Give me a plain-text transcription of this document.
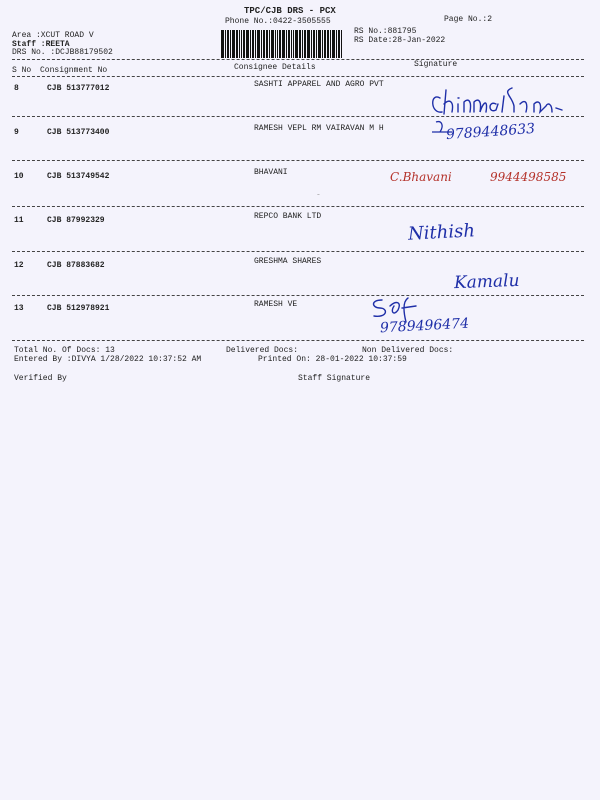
TPC/CJB DRS - PCX
Phone No.:0422-3505555	Page No.:2
RS No.:881795
RS Date:28-Jan-2022
Area :XCUT ROAD V
Staff :REETA
DRS No. :DCJB88179502
S No Consignment No	Consignee Details	Signature
8	CJB 513777012	SASHTI APPAREL AND AGRO PVT
9789448633
9	CJB 513773400	RAMESH VEPL RM VAIRAVAN M H
10	CJB 513749542	BHAVANI	C.Bhavani	9944498585
ˇ
11	CJB 87992329	REPCO BANK LTD
Nithish
12	CJB 87883682	GRESHMA SHARES
Kamalu
13	CJB 512978921	RAMESH VE
9789496474
Total No. Of Docs: 13	Delivered Docs:	Non Delivered Docs:
Entered By :DIVYA 1/28/2022 10:37:52 AM	Printed On: 28-01-2022 10:37:59
Verified By	Staff Signature
